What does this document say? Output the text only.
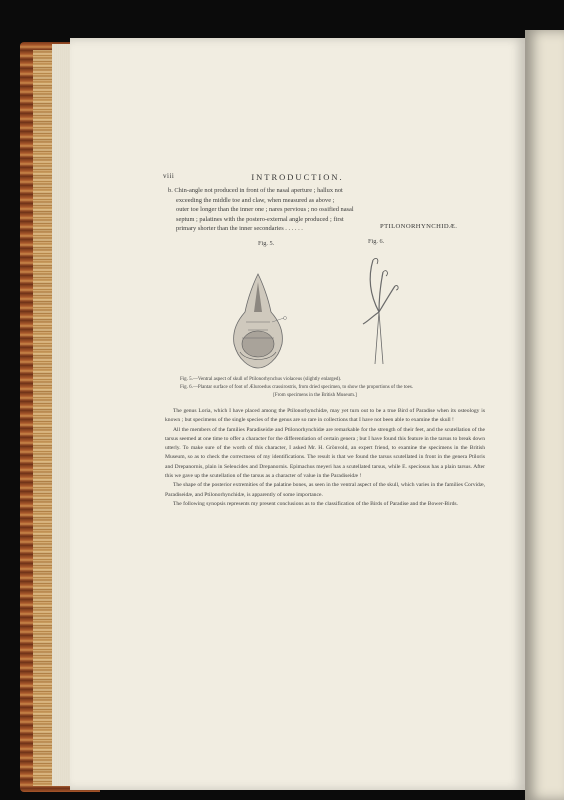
viii	INTRODUCTION.
b. Chin-angle not produced in front of the nasal aperture ; hallux not
exceeding the middle toe and claw, when measured as above ;
outer toe longer than the inner one ; nares pervious ; no ossified nasal
septum ; palatines with the postero-external angle produced ; first
primary shorter than the inner secondaries . . . . . .	PTILONORHYNCHIDÆ.
Fig. 5.	Fig. 6.
Fig. 5.—Ventral aspect of skull of Ptilonorhynchus violaceus (slightly enlarged).
Fig. 6.—Plantar surface of foot of Æluroedus crassirostris, from dried specimen, to show the proportions of the toes.
[From specimens in the British Museum.]

The genus Loria, which I have placed among the Ptilonorhynchidæ, may yet turn out to be a true Bird of Paradise when its osteology is known ; but specimens of the single species of the genus are so rare in collections that I have not been able to examine the skull !

All the members of the families Paradiseidæ and Ptilonorhynchidæ are remarkable for the strength of their feet, and the scutellation of the tarsus seemed at one time to offer a character for the differentiation of certain genera ; but I have found this feature in the tarsus to break down utterly. To make sure of the worth of this character, I asked Mr. H. Grönvold, an expert friend, to examine the specimens in the British Museum, so as to check the correctness of my identifications. The result is that we found the tarsus scutellated in front in the genera Ptiloris and Drepanornis, plain in Seleucides and Drepanornis. Epimachus meyeri has a scutellated tarsus, while E. speciosus has a plain tarsus. After this we gave up the scutellation of the tarsus as a character of value in the Paradiseidæ !

The shape of the posterior extremities of the palatine bones, as seen in the ventral aspect of the skull, which varies in the families Corvidæ, Paradiseidæ, and Ptilonorhynchidæ, is apparently of some importance.

The following synopsis represents my present conclusions as to the classification of the Birds of Paradise and the Bower-Birds.
